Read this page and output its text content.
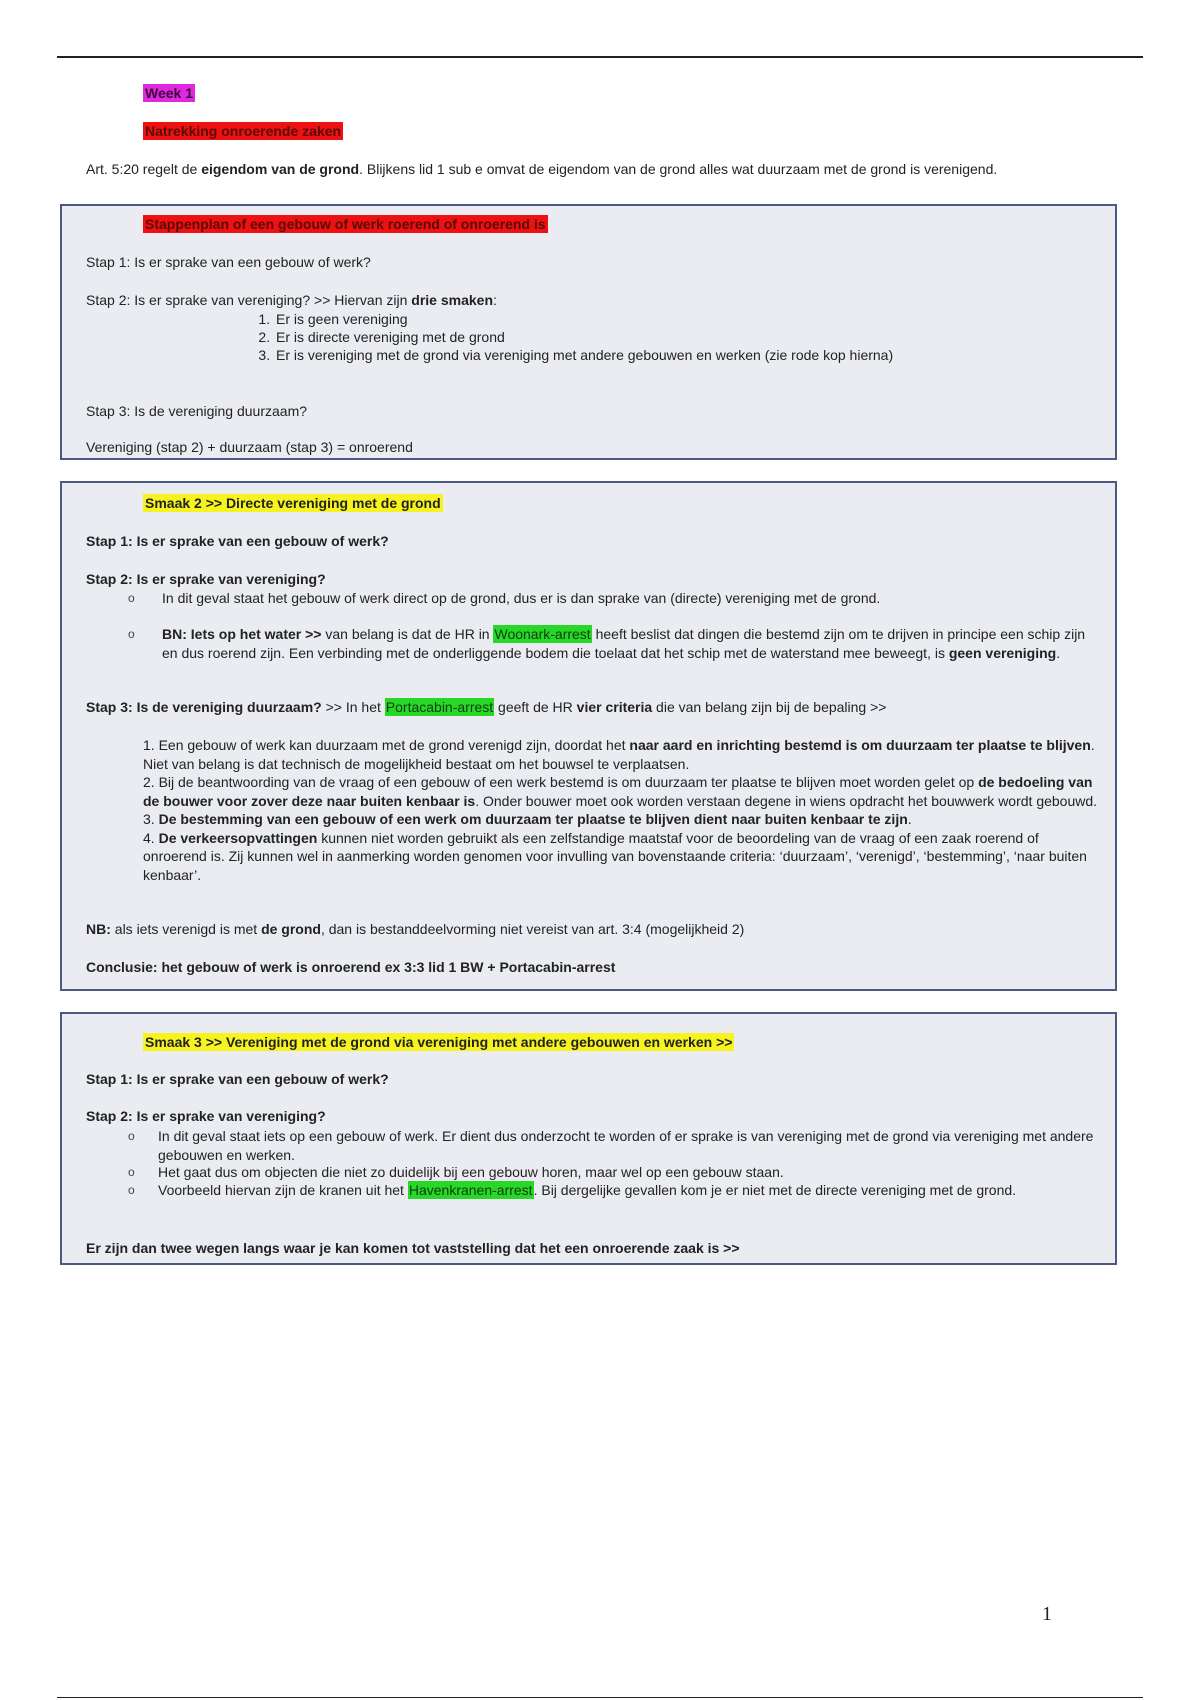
Week 1
Natrekking onroerende zaken
Art. 5:20 regelt de eigendom van de grond. Blijkens lid 1 sub e omvat de eigendom van de grond alles wat duurzaam met de grond is verenigend.
Stappenplan of een gebouw of werk roerend of onroerend is
Stap 1: Is er sprake van een gebouw of werk?
Stap 2: Is er sprake van vereniging? >> Hiervan zijn drie smaken:
1. Er is geen vereniging
2. Er is directe vereniging met de grond
3. Er is vereniging met de grond via vereniging met andere gebouwen en werken (zie rode kop hierna)
Stap 3: Is de vereniging duurzaam?
Vereniging (stap 2) + duurzaam (stap 3) = onroerend
Smaak 2 >> Directe vereniging met de grond
Stap 1: Is er sprake van een gebouw of werk?
Stap 2: Is er sprake van vereniging?
o In dit geval staat het gebouw of werk direct op de grond, dus er is dan sprake van (directe) vereniging met de grond.
o BN: Iets op het water >> van belang is dat de HR in Woonark-arrest heeft beslist dat dingen die bestemd zijn om te drijven in principe een schip zijn en dus roerend zijn. Een verbinding met de onderliggende bodem die toelaat dat het schip met de waterstand mee beweegt, is geen vereniging.
Stap 3: Is de vereniging duurzaam? >> In het Portacabin-arrest geeft de HR vier criteria die van belang zijn bij de bepaling >>
1. Een gebouw of werk kan duurzaam met de grond verenigd zijn, doordat het naar aard en inrichting bestemd is om duurzaam ter plaatse te blijven. Niet van belang is dat technisch de mogelijkheid bestaat om het bouwsel te verplaatsen.
2. Bij de beantwoording van de vraag of een gebouw of een werk bestemd is om duurzaam ter plaatse te blijven moet worden gelet op de bedoeling van de bouwer voor zover deze naar buiten kenbaar is. Onder bouwer moet ook worden verstaan degene in wiens opdracht het bouwwerk wordt gebouwd.
3. De bestemming van een gebouw of een werk om duurzaam ter plaatse te blijven dient naar buiten kenbaar te zijn.
4. De verkeersopvattingen kunnen niet worden gebruikt als een zelfstandige maatstaf voor de beoordeling van de vraag of een zaak roerend of onroerend is. Zij kunnen wel in aanmerking worden genomen voor invulling van bovenstaande criteria: ‘duurzaam’, ‘verenigd’, ‘bestemming’, ‘naar buiten kenbaar’.
NB: als iets verenigd is met de grond, dan is bestanddeelvorming niet vereist van art. 3:4 (mogelijkheid 2)
Conclusie: het gebouw of werk is onroerend ex 3:3 lid 1 BW + Portacabin-arrest
Smaak 3 >> Vereniging met de grond via vereniging met andere gebouwen en werken >>
Stap 1: Is er sprake van een gebouw of werk?
Stap 2: Is er sprake van vereniging?
o In dit geval staat iets op een gebouw of werk. Er dient dus onderzocht te worden of er sprake is van vereniging met de grond via vereniging met andere gebouwen en werken.
o Het gaat dus om objecten die niet zo duidelijk bij een gebouw horen, maar wel op een gebouw staan.
o Voorbeeld hiervan zijn de kranen uit het Havenkranen-arrest. Bij dergelijke gevallen kom je er niet met de directe vereniging met de grond.
Er zijn dan twee wegen langs waar je kan komen tot vaststelling dat het een onroerende zaak is >>
1
